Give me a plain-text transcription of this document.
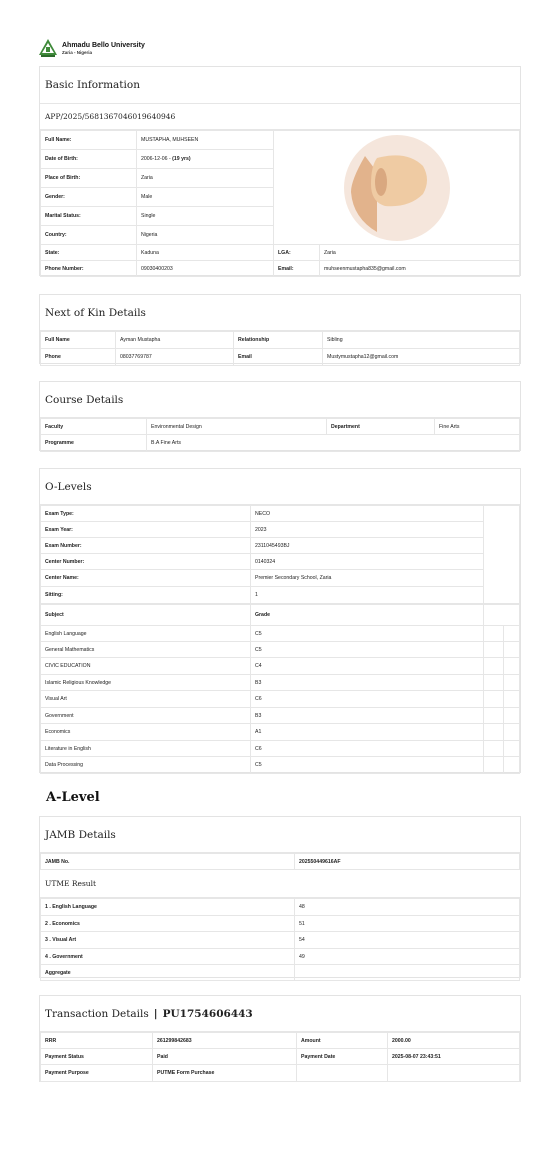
Ahmadu Bello University
Zaria - Nigeria
Basic Information
APP/2025/5681367046019640946
Full Name:	MUSTAPHA, MUHSEEN	

Date of Birth:	2006-12-06 - (19 yrs)		
Place of Birth:	Zaria		
Gender:	Male		
Marital Status:	Single		
Country:	Nigeria		
State:	Kaduna	LGA:	Zaria
Phone Number:	09030400203	Email:	muhseenmustapha835@gmail.com
Next of Kin Details
Full Name	Ayman Mustapha	Relationship	Sibling
Phone	08037769787	Email	Mustymustapha12@gmail.com
Course Details
Faculty	Environmental Design	Department	Fine Arts
Programme	B.A Fine Arts		
O-Levels
Exam Type:	NECO	
Exam Year:	2023	
Exam Number:	2311045493BJ	
Center Number:	0140324	
Center Name:	Premier Secondary School, Zaria	
Sitting:	1	
Subject	Grade		
English Language	C5		
General Mathematics	C5		
CIVIC EDUCATION	C4		
Islamic Religious Knowledge	B3		
Visual Art	C6		
Government	B3		
Economics	A1		
Literature in English	C6		
Data Processing	C5		
A-Level
JAMB Details
JAMB No.	202550449616AF
UTME Result
1 . English Language	48
2 . Economics	51
3 . Visual Art	54
4 . Government	49
Aggregate	
Transaction Details | PU1754606443
RRR	261299842683	Amount	2000.00
Payment Status	Paid	Payment Date	2025-08-07 23:43:51
Payment Purpose	PUTME Form Purchase		
